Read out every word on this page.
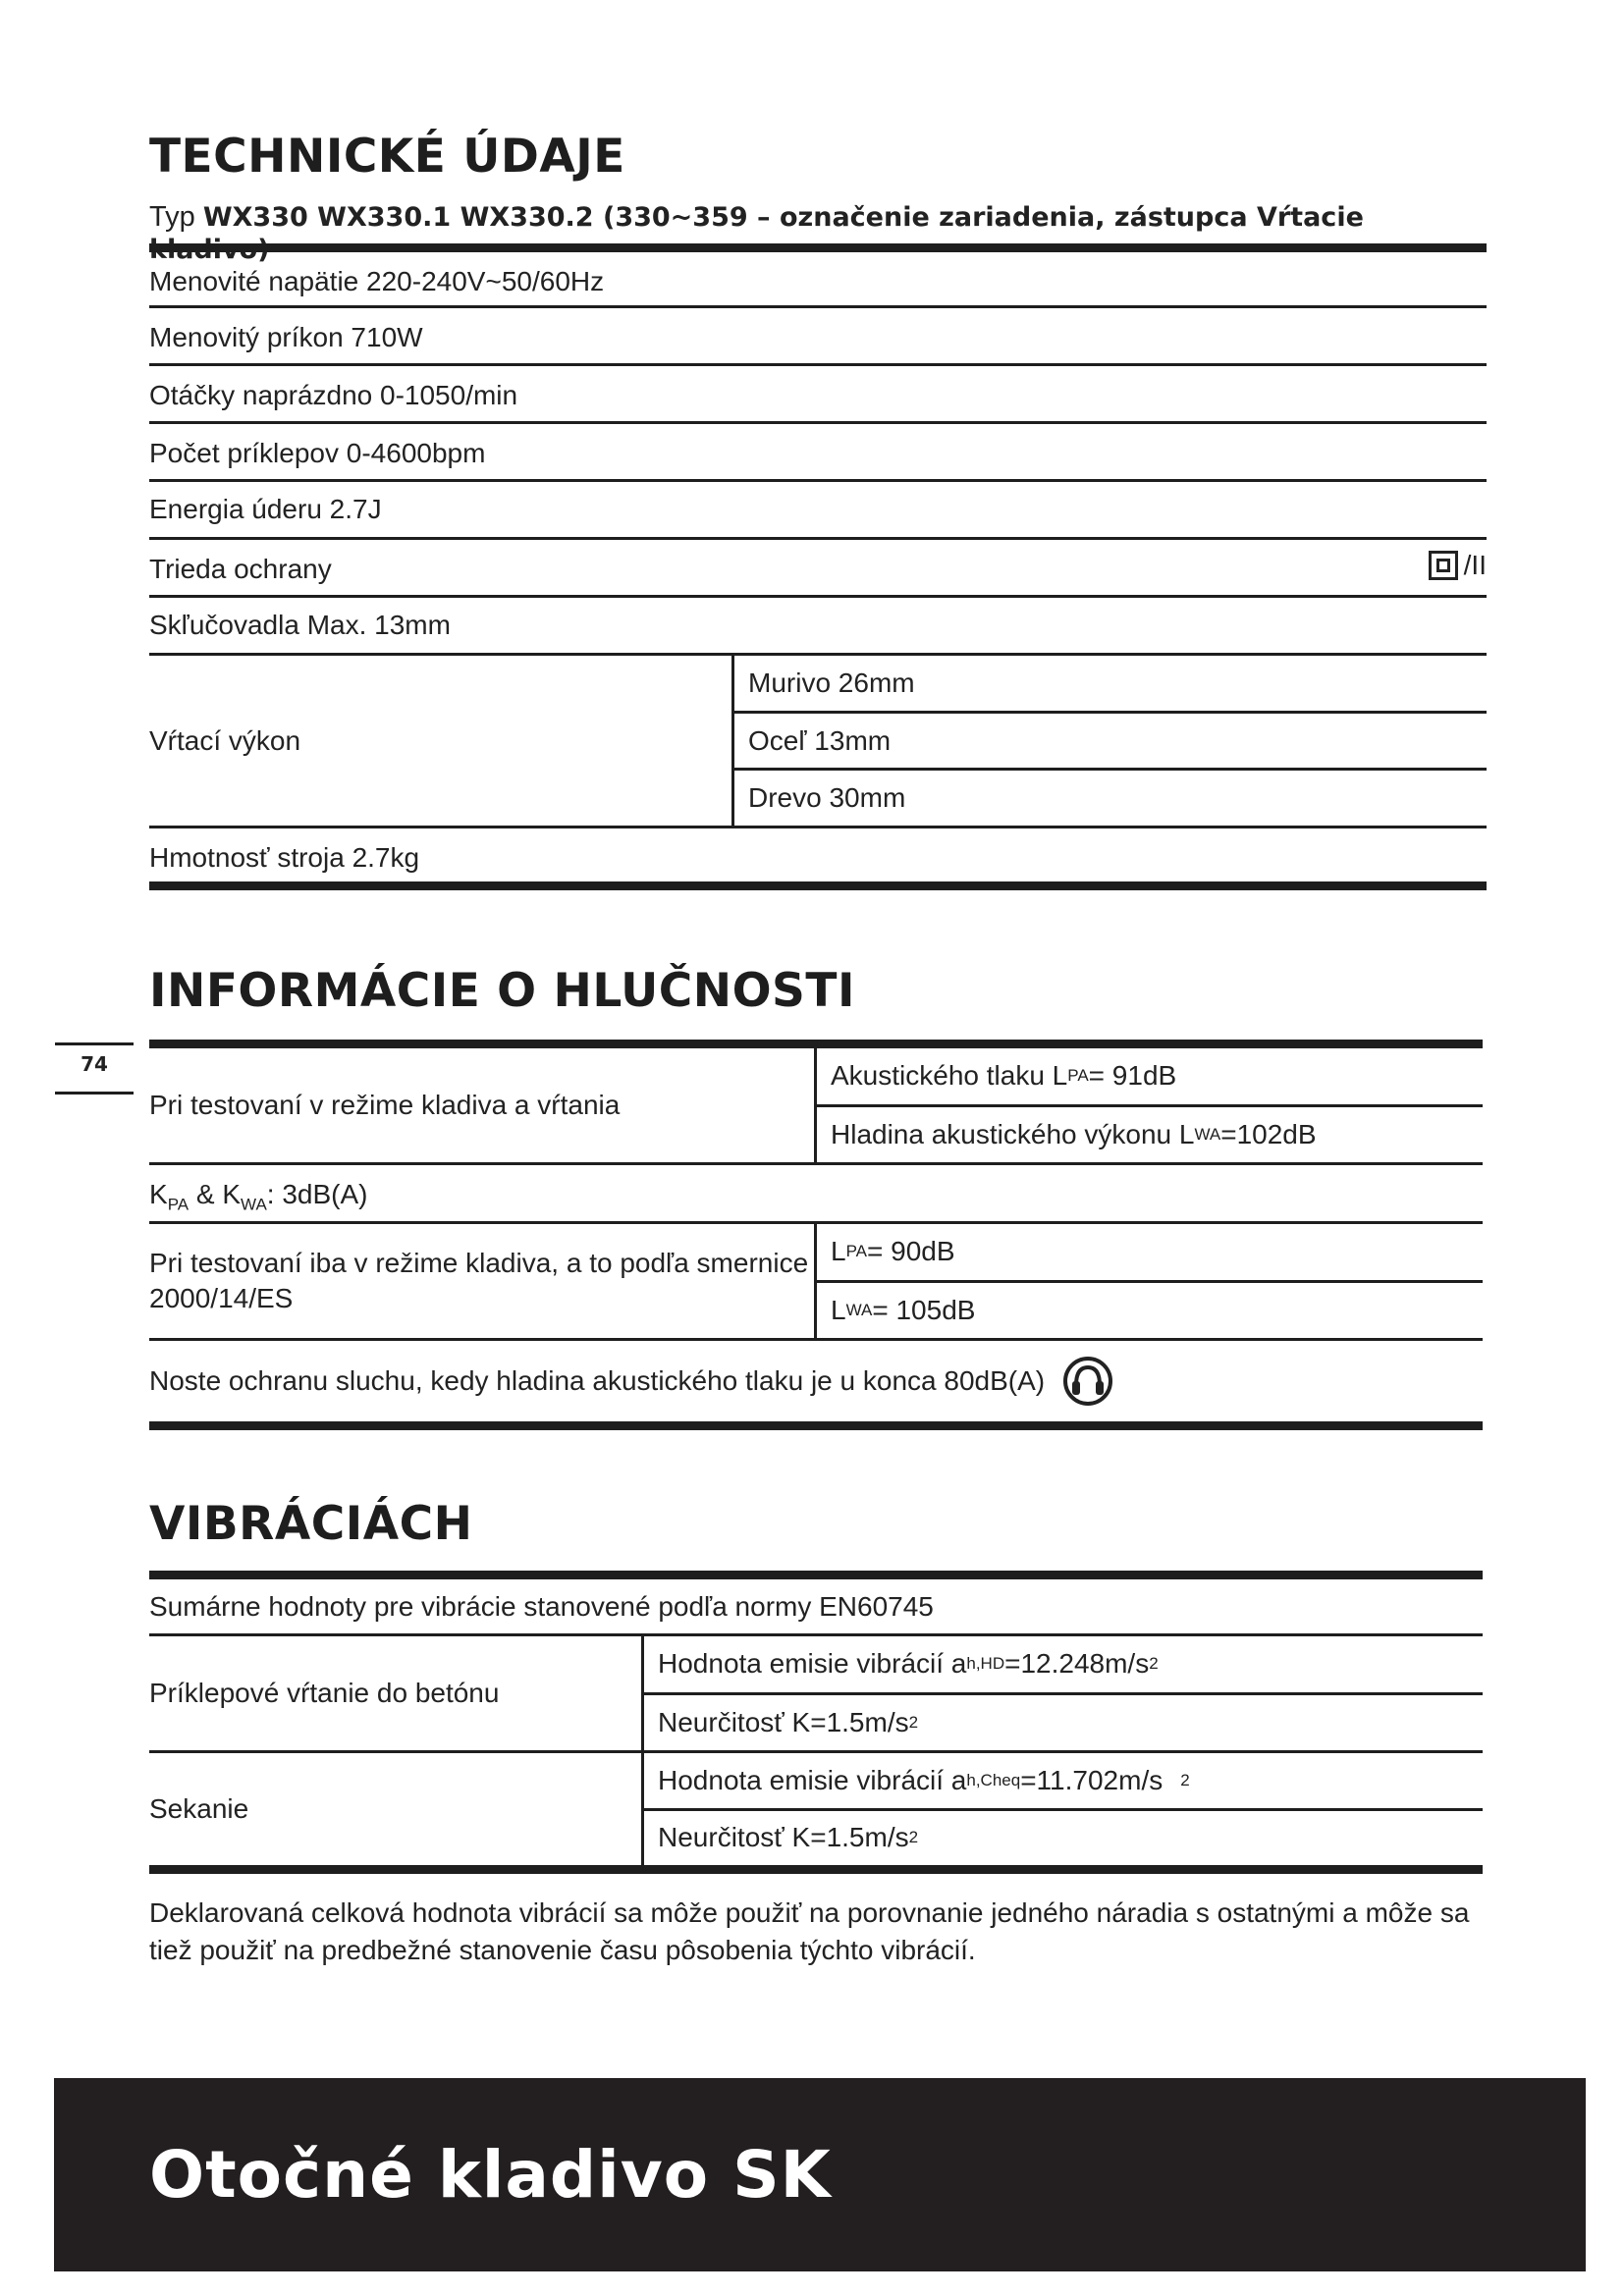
TECHNICKÉ ÚDAJE
Typ WX330 WX330.1 WX330.2 (330~359 – označenie zariadenia, zástupca Vŕtacie
Menovité napätie 220-240V~50/60Hz
Menovitý príkon 710W
Otáčky naprázdno 0-1050/min
Počet príklepov 0-4600bpm
Energia úderu 2.7J
Trieda ochrany	/II
Skľučovadla Max. 13mm
Vŕtací výkon
Murivo 26mm
Oceľ 13mm
Drevo 30mm
Hmotnosť stroja 2.7kg
INFORMÁCIE O HLUČNOSTI
Pri testovaní v režime kladiva a vŕtania
Akustického tlaku L PA = 91dB
Hladina akustického výkonu L WA =102dB
$K_{PA}$ & $K_{WA}$: 3dB(A)
Pri testovaní iba v režime kladiva, a to podľa smernice 2000/14/ES
L PA = 90dB
L WA = 105dB
Noste ochranu sluchu, kedy hladina akustického tlaku je u konca 80dB(A)
VIBRÁCIÁCH
Sumárne hodnoty pre vibrácie stanovené podľa normy EN60745
Príklepové vŕtanie do betónu
Hodnota emisie vibrácií a h,HD =12.248m/s 2
Neurčitosť K=1.5m/s 2
Sekanie
Hodnota emisie vibrácií a h,Cheq =11.702m/s 2
Neurčitosť K=1.5m/s 2

Deklarovaná celková hodnota vibrácií sa môže použiť na porovnanie jedného náradia s ostatnými a môže sa tiež použiť na predbežné stanovenie času pôsobenia týchto vibrácií.

74
Otočné kladivo SK
